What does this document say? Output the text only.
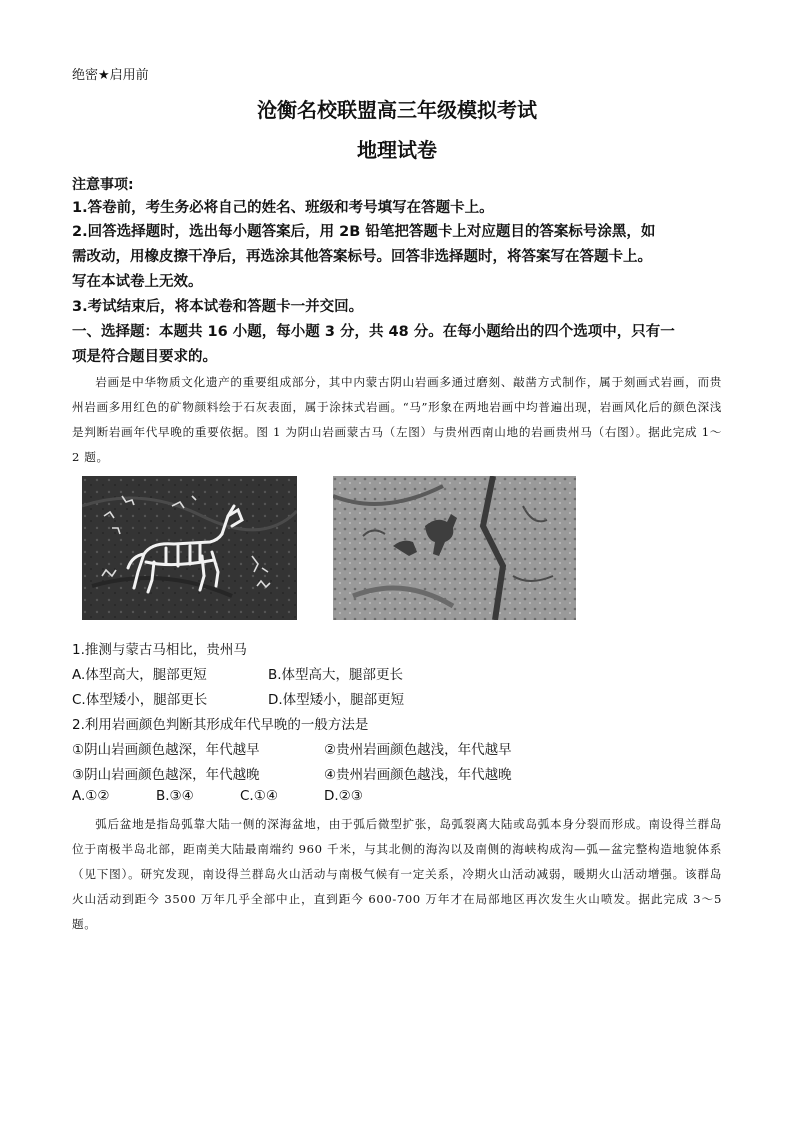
绝密★启用前
沧衡名校联盟高三年级模拟考试
地理试卷
注意事项:
1.答卷前，考生务必将自己的姓名、班级和考号填写在答题卡上。
2.回答选择题时，选出每小题答案后，用 2B 铅笔把答题卡上对应题目的答案标号涂黑，如
需改动，用橡皮擦干净后，再选涂其他答案标号。回答非选择题时，将答案写在答题卡上。
写在本试卷上无效。
3.考试结束后，将本试卷和答题卡一并交回。
一、选择题：本题共 16 小题，每小题 3 分，共 48 分。在每小题给出的四个选项中，只有一
项是符合题目要求的。
岩画是中华物质文化遗产的重要组成部分，其中内蒙古阴山岩画多通过磨刻、敲凿方式制作，属于刻画式岩画，而贵州岩画多用红色的矿物颜料绘于石灰表面，属于涂抹式岩画。“马”形象在两地岩画中均普遍出现，岩画风化后的颜色深浅是判断岩画年代早晚的重要依据。图 1 为阴山岩画蒙古马（左图）与贵州西南山地的岩画贵州马（右图）。据此完成 1～2 题。
1.推测与蒙古马相比，贵州马
A.体型高大，腿部更短	B.体型高大，腿部更长
C.体型矮小，腿部更长	D.体型矮小，腿部更短
2.利用岩画颜色判断其形成年代早晚的一般方法是
①阴山岩画颜色越深，年代越早	②贵州岩画颜色越浅，年代越早
③阴山岩画颜色越深，年代越晚	④贵州岩画颜色越浅，年代越晚
A.①②	B.③④	C.①④	D.②③
弧后盆地是指岛弧靠大陆一侧的深海盆地，由于弧后微型扩张，岛弧裂离大陆或岛弧本身分裂而形成。南设得兰群岛位于南极半岛北部，距南美大陆最南端约 960 千米，与其北侧的海沟以及南侧的海峡构成沟—弧—盆完整构造地貌体系（见下图）。研究发现，南设得兰群岛火山活动与南极气候有一定关系，冷期火山活动减弱，暖期火山活动增强。该群岛火山活动到距今 3500 万年几乎全部中止，直到距今 600-700 万年才在局部地区再次发生火山喷发。据此完成 3～5 题。
